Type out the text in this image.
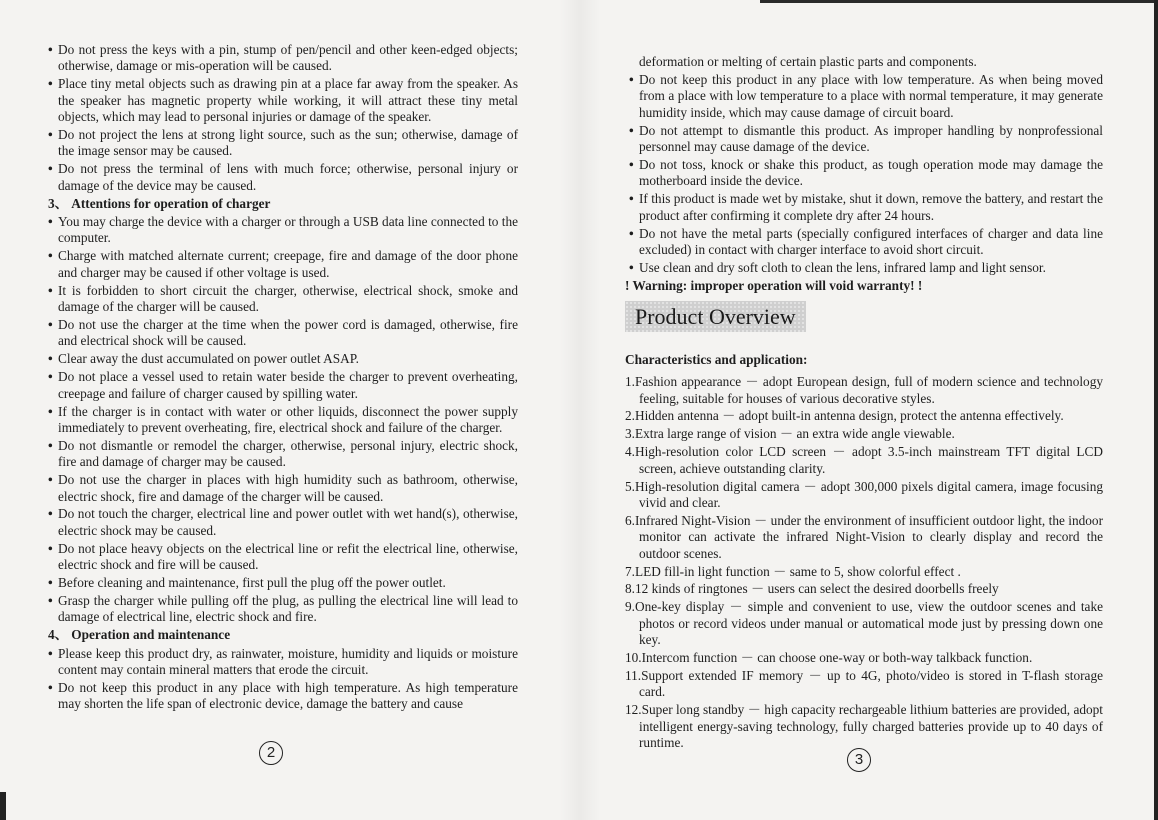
• Do not press the keys with a pin, stump of pen/pencil and other keen-edged objects; otherwise, damage or mis-operation will be caused.

• Place tiny metal objects such as drawing pin at a place far away from the speaker. As the speaker has magnetic property while working, it will attract these tiny metal objects, which may lead to personal injuries or damage of the speaker.

• Do not project the lens at strong light source, such as the sun; otherwise, damage of the image sensor may be caused.

• Do not press the terminal of lens with much force; otherwise, personal injury or damage of the device may be caused.

3、 Attentions for operation of charger

• You may charge the device with a charger or through a USB data line connected to the computer.

• Charge with matched alternate current; creepage, fire and damage of the door phone and charger may be caused if other voltage is used.

• It is forbidden to short circuit the charger, otherwise, electrical shock, smoke and damage of the charger will be caused.

• Do not use the charger at the time when the power cord is damaged, otherwise, fire and electrical shock will be caused.

• Clear away the dust accumulated on power outlet ASAP.

• Do not place a vessel used to retain water beside the charger to prevent overheating, creepage and failure of charger caused by spilling water.

• If the charger is in contact with water or other liquids, disconnect the power supply immediately to prevent overheating, fire, electrical shock and failure of the charger.

• Do not dismantle or remodel the charger, otherwise, personal injury, electric shock, fire and damage of charger may be caused.

• Do not use the charger in places with high humidity such as bathroom, otherwise, electric shock, fire and damage of the charger will be caused.

• Do not touch the charger, electrical line and power outlet with wet hand(s), otherwise, electric shock may be caused.

• Do not place heavy objects on the electrical line or refit the electrical line, otherwise, electric shock and fire will be caused.

• Before cleaning and maintenance, first pull the plug off the power outlet.

• Grasp the charger while pulling off the plug, as pulling the electrical line will lead to damage of electrical line, electric shock and fire.

4、 Operation and maintenance

• Please keep this product dry, as rainwater, moisture, humidity and liquids or moisture content may contain mineral matters that erode the circuit.

• Do not keep this product in any place with high temperature. As high temperature may shorten the life span of electronic device, damage the battery and cause

2

deformation or melting of certain plastic parts and components.

• Do not keep this product in any place with low temperature. As when being moved from a place with low temperature to a place with normal temperature, it may generate humidity inside, which may cause damage of circuit board.

• Do not attempt to dismantle this product. As improper handling by nonprofessional personnel may cause damage of the device.

• Do not toss, knock or shake this product, as tough operation mode may damage the motherboard inside the device.

• If this product is made wet by mistake, shut it down, remove the battery, and restart the product after confirming it complete dry after 24 hours.

• Do not have the metal parts (specially configured interfaces of charger and data line excluded) in contact with charger interface to avoid short circuit.

• Use clean and dry soft cloth to clean the lens, infrared lamp and light sensor.

! Warning: improper operation will void warranty! !

Product Overview

Characteristics and application:

1.Fashion appearance － adopt European design, full of modern science and technology feeling, suitable for houses of various decorative styles.

2.Hidden antenna － adopt built-in antenna design, protect the antenna effectively.

3.Extra large range of vision － an extra wide angle viewable.

4.High-resolution color LCD screen － adopt 3.5-inch mainstream TFT digital LCD screen, achieve outstanding clarity.

5.High-resolution digital camera － adopt 300,000 pixels digital camera, image focusing vivid and clear.

6.Infrared Night-Vision － under the environment of insufficient outdoor light, the indoor monitor can activate the infrared Night-Vision to clearly display and record the outdoor scenes.

7.LED fill-in light function － same to 5, show colorful effect .

8.12 kinds of ringtones － users can select the desired doorbells freely

9.One-key display － simple and convenient to use, view the outdoor scenes and take photos or record videos under manual or automatical mode just by pressing down one key.

10.Intercom function － can choose one-way or both-way talkback function.

11.Support extended IF memory － up to 4G, photo/video is stored in T-flash storage card.

12.Super long standby － high capacity rechargeable lithium batteries are provided, adopt intelligent energy-saving technology, fully charged batteries provide up to 40 days of runtime.

3
